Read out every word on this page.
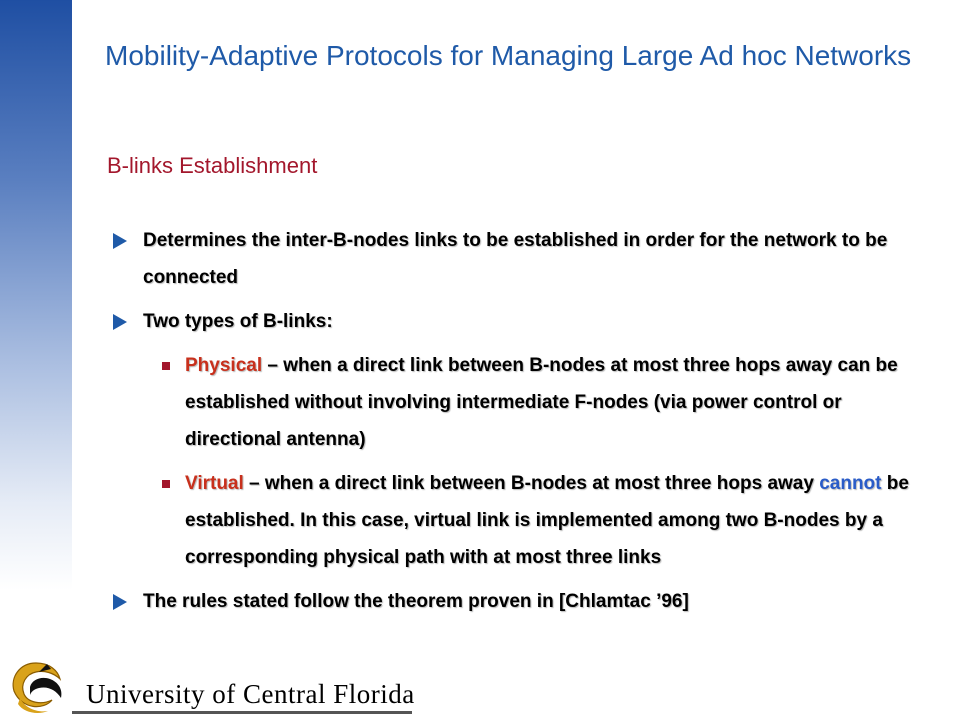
Mobility-Adaptive Protocols for Managing Large Ad hoc Networks
B-links Establishment
Determines the inter-B-nodes links to be established in order for the network to be connected
Two types of B-links:
Physical – when a direct link between B-nodes at most three hops away can be established without involving intermediate F-nodes (via power control or directional antenna)
Virtual – when a direct link between B-nodes at most three hops away cannot be established. In this case, virtual link is implemented among two B-nodes by a corresponding physical path with at most three links
The rules stated follow the theorem proven in [Chlamtac ’96]
University of Central Florida
